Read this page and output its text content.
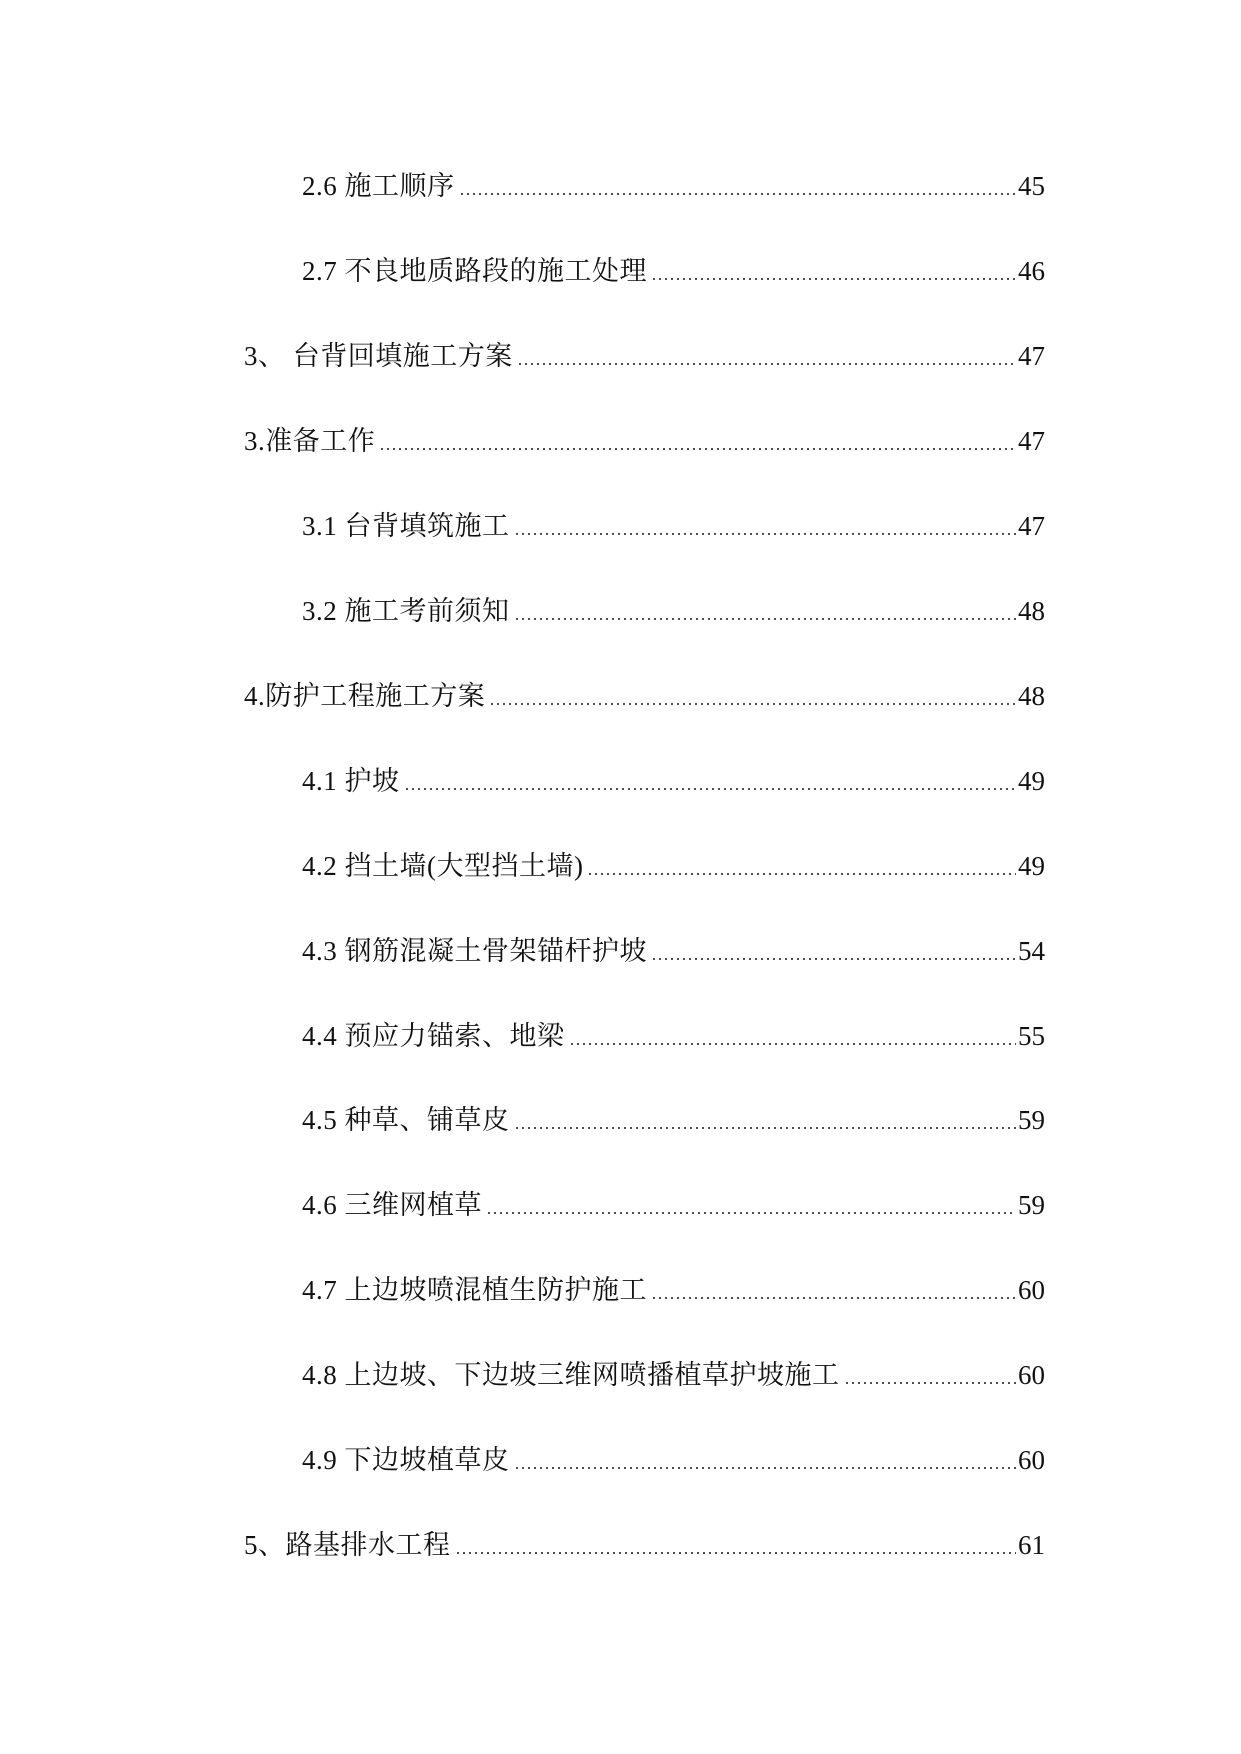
2.6 施工顺序	45
2.7 不良地质路段的施工处理	46
3、 台背回填施工方案	47
3.准备工作	47
3.1 台背填筑施工	47
3.2 施工考前须知	48
4.防护工程施工方案	48
4.1 护坡	49
4.2 挡土墙(大型挡土墙)	49
4.3 钢筋混凝土骨架锚杆护坡	54
4.4 预应力锚索、地梁	55
4.5 种草、铺草皮	59
4.6 三维网植草	59
4.7 上边坡喷混植生防护施工	60
4.8 上边坡、下边坡三维网喷播植草护坡施工	60
4.9 下边坡植草皮	60
5、路基排水工程	61
